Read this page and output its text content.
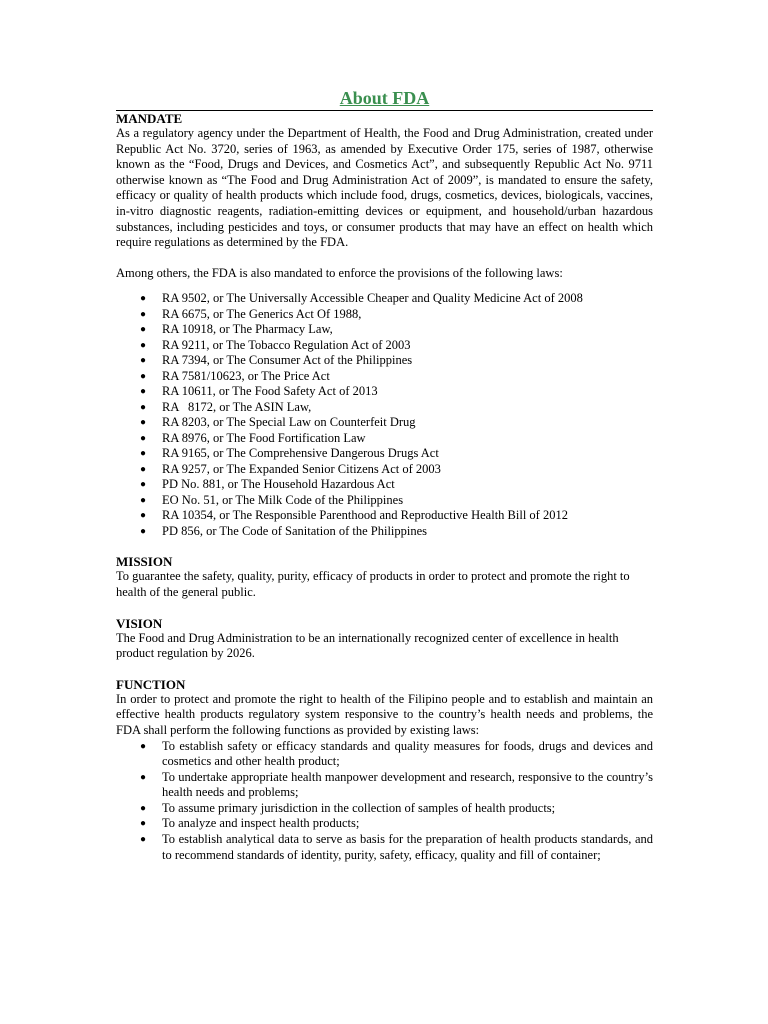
About FDA
MANDATE

As a regulatory agency under the Department of Health, the Food and Drug Administration, created under Republic Act No. 3720, series of 1963, as amended by Executive Order 175, series of 1987, otherwise known as the “Food, Drugs and Devices, and Cosmetics Act”, and subsequently Republic Act No. 9711 otherwise known as “The Food and Drug Administration Act of 2009”, is mandated to ensure the safety, efficacy or quality of health products which include food, drugs, cosmetics, devices, biologicals, vaccines, in-vitro diagnostic reagents, radiation-emitting devices or equipment, and household/urban hazardous substances, including pesticides and toys, or consumer products that may have an effect on health which require regulations as determined by the FDA.

Among others, the FDA is also mandated to enforce the provisions of the following laws:

● RA 9502, or The Universally Accessible Cheaper and Quality Medicine Act of 2008
● RA 6675, or The Generics Act Of 1988,
● RA 10918, or The Pharmacy Law,
● RA 9211, or The Tobacco Regulation Act of 2003
● RA 7394, or The Consumer Act of the Philippines
● RA 7581/10623, or The Price Act
● RA 10611, or The Food Safety Act of 2013
● RA   8172, or The ASIN Law,
● RA 8203, or The Special Law on Counterfeit Drug
● RA 8976, or The Food Fortification Law
● RA 9165, or The Comprehensive Dangerous Drugs Act
● RA 9257, or The Expanded Senior Citizens Act of 2003
● PD No. 881, or The Household Hazardous Act
● EO No. 51, or The Milk Code of the Philippines
● RA 10354, or The Responsible Parenthood and Reproductive Health Bill of 2012
● PD 856, or The Code of Sanitation of the Philippines
MISSION

To guarantee the safety, quality, purity, efficacy of products in order to protect and promote the right to health of the general public.

VISION

The Food and Drug Administration to be an internationally recognized center of excellence in health product regulation by 2026.

FUNCTION

In order to protect and promote the right to health of the Filipino people and to establish and maintain an effective health products regulatory system responsive to the country’s health needs and problems, the FDA shall perform the following functions as provided by existing laws:

● To establish safety or efficacy standards and quality measures for foods, drugs and devices and cosmetics and other health product;
● To undertake appropriate health manpower development and research, responsive to the country’s health needs and problems;
● To assume primary jurisdiction in the collection of samples of health products;
● To analyze and inspect health products;
● To establish analytical data to serve as basis for the preparation of health products standards, and to recommend standards of identity, purity, safety, efficacy, quality and fill of container;
